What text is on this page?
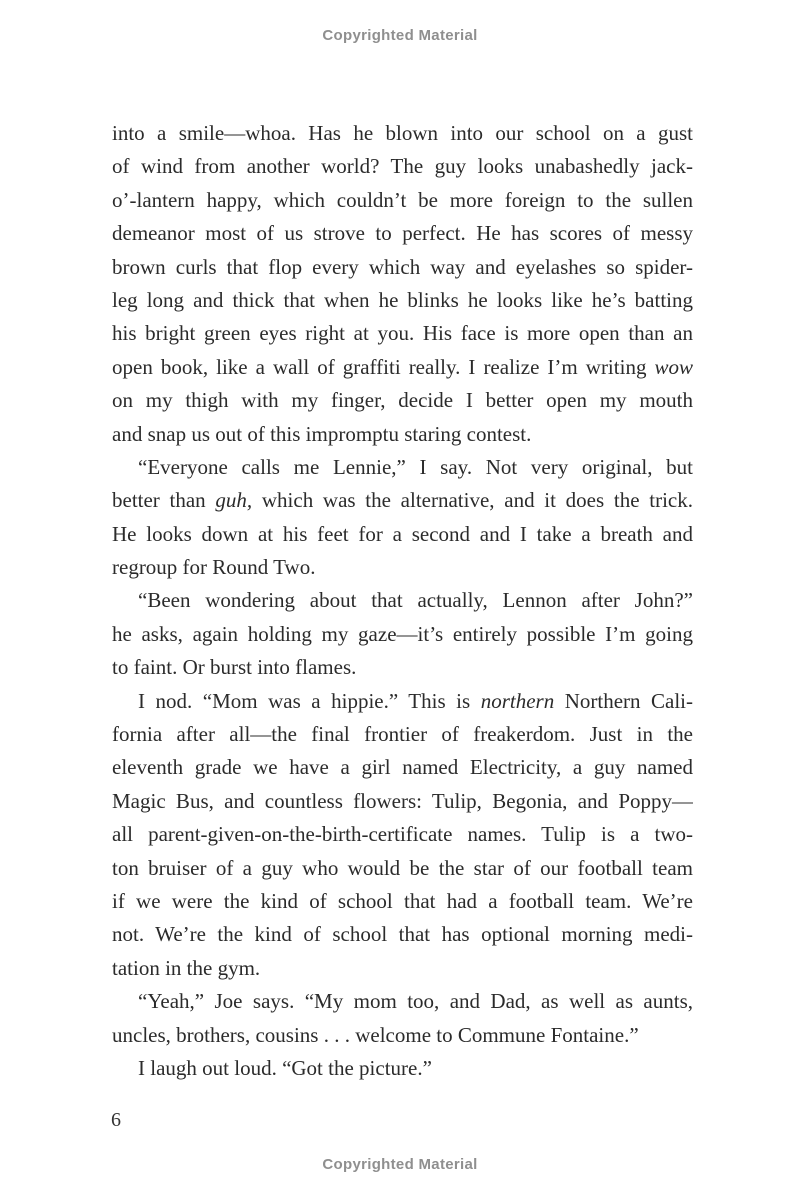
Copyrighted Material
into a smile—whoa. Has he blown into our school on a gust
of wind from another world? The guy looks unabashedly jack-
o’-lantern happy, which couldn’t be more foreign to the sullen
demeanor most of us strove to perfect. He has scores of messy
brown curls that flop every which way and eyelashes so spider-
leg long and thick that when he blinks he looks like he’s batting
his bright green eyes right at you. His face is more open than an
open book, like a wall of graffiti really. I realize I’m writing wow
on my thigh with my finger, decide I better open my mouth
and snap us out of this impromptu staring contest.
“Everyone calls me Lennie,” I say. Not very original, but
better than guh, which was the alternative, and it does the trick.
He looks down at his feet for a second and I take a breath and
regroup for Round Two.
“Been wondering about that actually, Lennon after John?”
he asks, again holding my gaze—it’s entirely possible I’m going
to faint. Or burst into flames.
I nod. “Mom was a hippie.” This is northern Northern Cali-
fornia after all—the final frontier of freakerdom. Just in the
eleventh grade we have a girl named Electricity, a guy named
Magic Bus, and countless flowers: Tulip, Begonia, and Poppy—
all parent-given-on-the-birth-certificate names. Tulip is a two-
ton bruiser of a guy who would be the star of our football team
if we were the kind of school that had a football team. We’re
not. We’re the kind of school that has optional morning medi-
tation in the gym.
“Yeah,” Joe says. “My mom too, and Dad, as well as aunts,
uncles, brothers, cousins . . . welcome to Commune Fontaine.”
I laugh out loud. “Got the picture.”
6
Copyrighted Material
